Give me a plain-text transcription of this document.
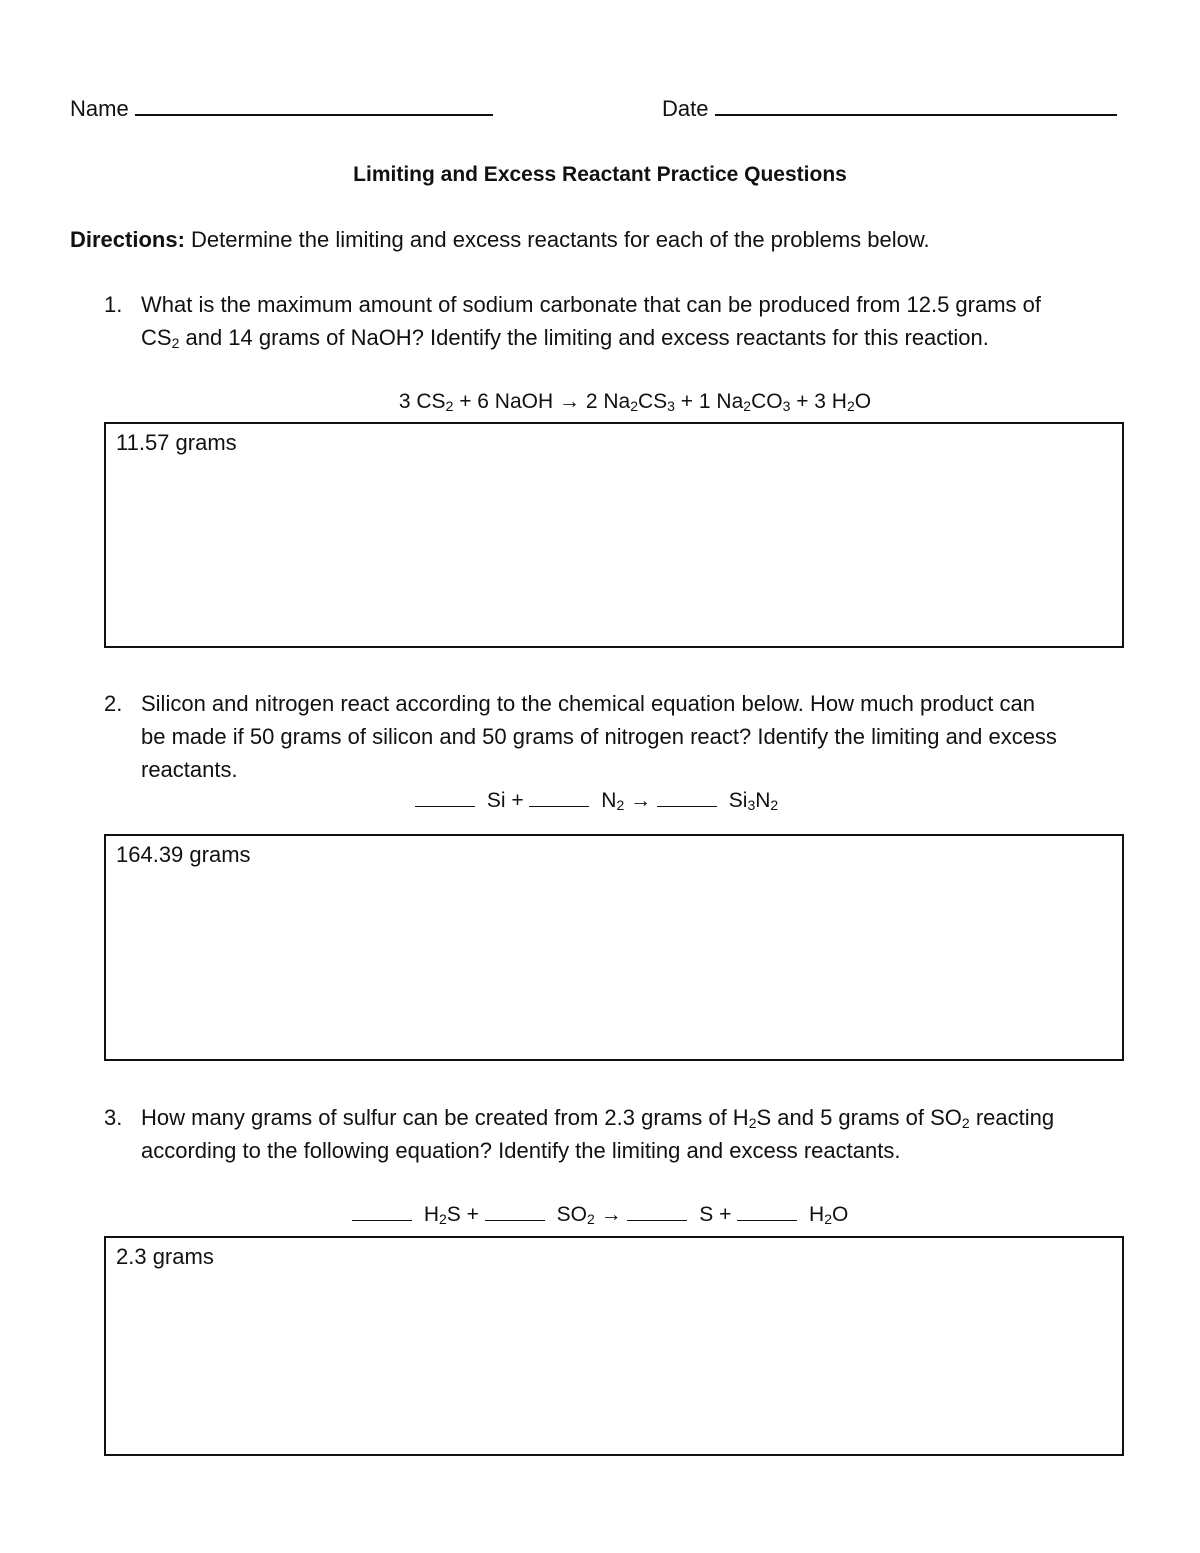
Name	Date
Limiting and Excess Reactant Practice Questions
Directions: Determine the limiting and excess reactants for each of the problems below.
1. What is the maximum amount of sodium carbonate that can be produced from 12.5 grams of
$CS_2$ and 14 grams of NaOH? Identify the limiting and excess reactants for this reaction.
3 $CS_2 + 6$ NaOH → 2 $Na_2CS_3 + 1$ $Na_2CO_3 + 3$ $H_2O$
11.57 grams
2. Silicon and nitrogen react according to the chemical equation below. How much product can
be made if 50 grams of silicon and 50 grams of nitrogen react? Identify the limiting and excess
reactants.
Si +	$N_2$ →	$Si_3N_2$
164.39 grams
3. How many grams of sulfur can be created from 2.3 grams of $H_2S$ and 5 grams of $SO_2$ reacting
according to the following equation? Identify the limiting and excess reactants.
$H_2S$ +	$SO_2$ →	S +	$H_2O$
2.3 grams
